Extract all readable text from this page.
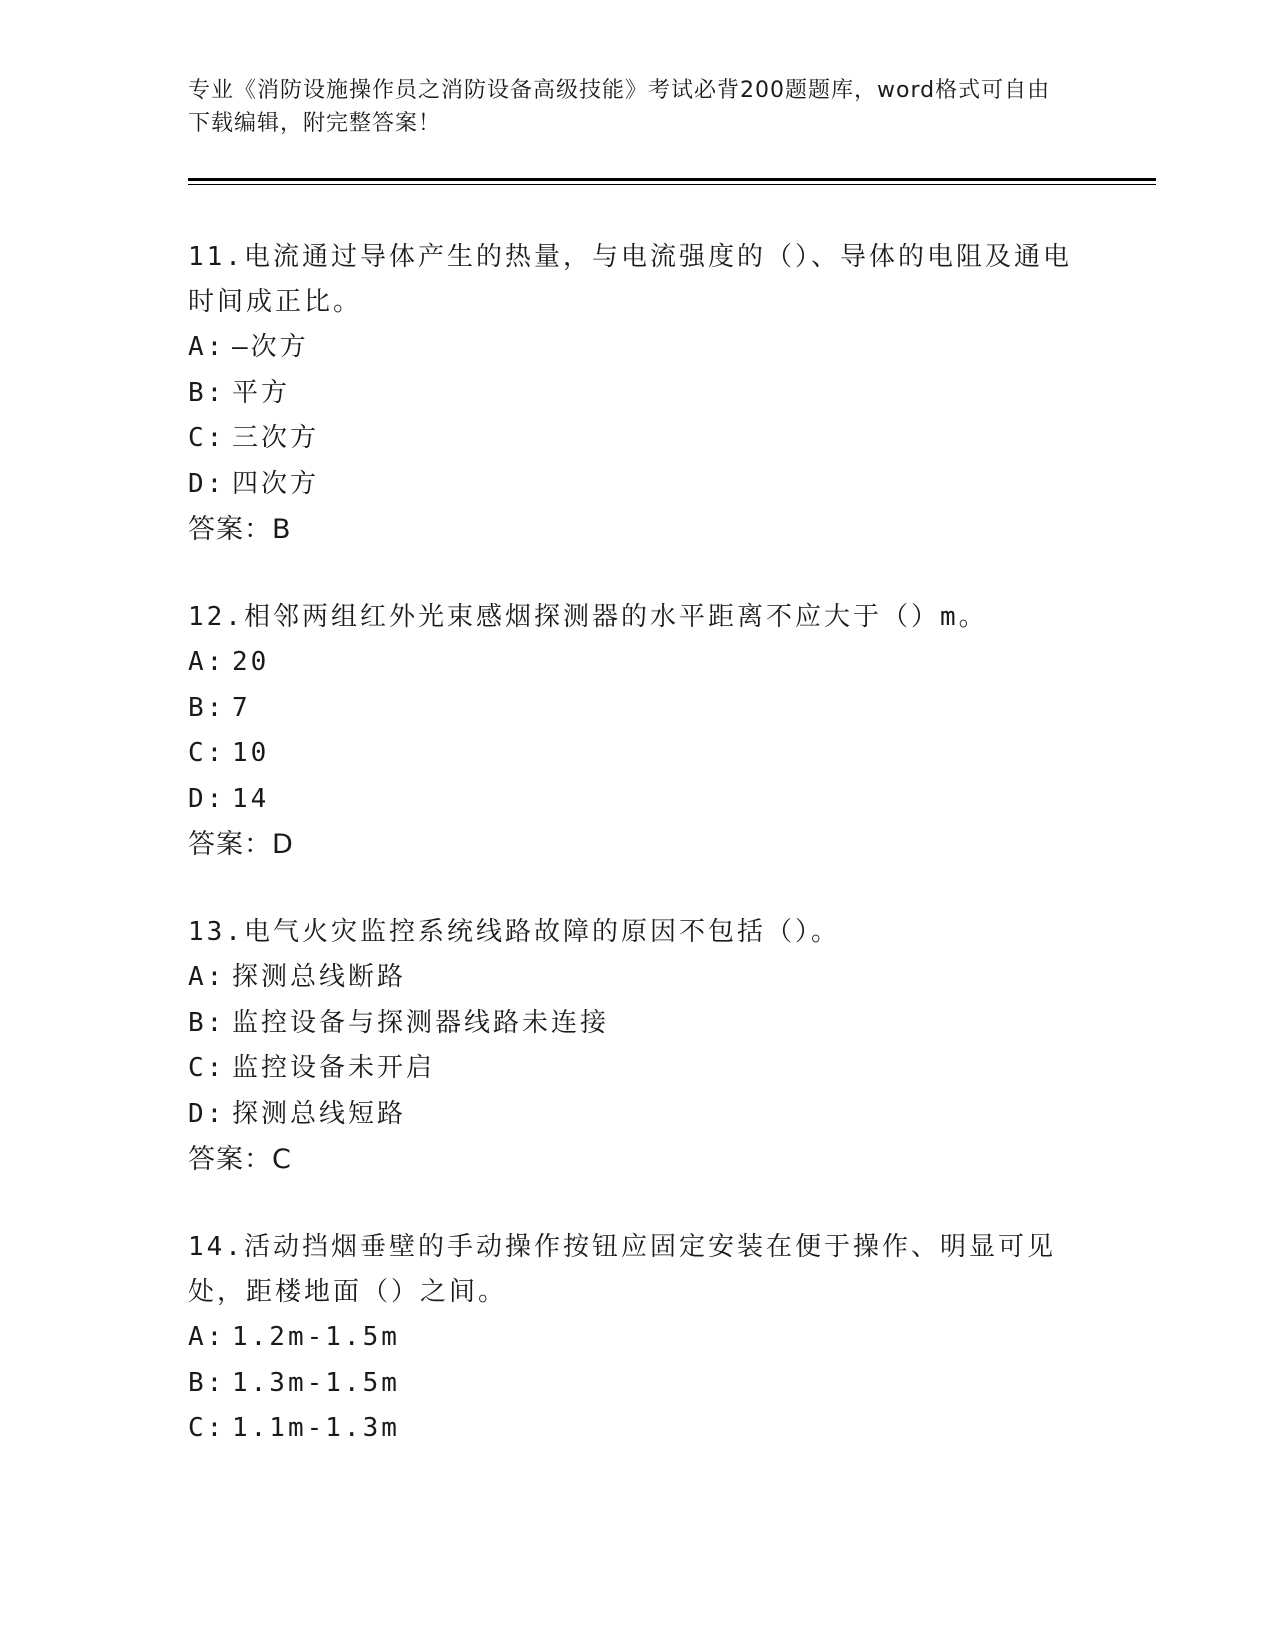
专业《消防设施操作员之消防设备高级技能》考试必背200题题库，word格式可自由下载编辑，附完整答案！

11.电流通过导体产生的热量，与电流强度的（）、导体的电阻及通电时间成正比。

A: —次方

B: 平方

C: 三次方

D: 四次方

答案：B

12.相邻两组红外光束感烟探测器的水平距离不应大于（）m。

A: 20

B: 7

C: 10

D: 14

答案：D

13.电气火灾监控系统线路故障的原因不包括（）。

A: 探测总线断路

B: 监控设备与探测器线路未连接

C: 监控设备未开启

D: 探测总线短路

答案：C

14.活动挡烟垂壁的手动操作按钮应固定安装在便于操作、明显可见处，距楼地面（）之间。

A: 1.2m-1.5m

B: 1.3m-1.5m

C: 1.1m-1.3m
